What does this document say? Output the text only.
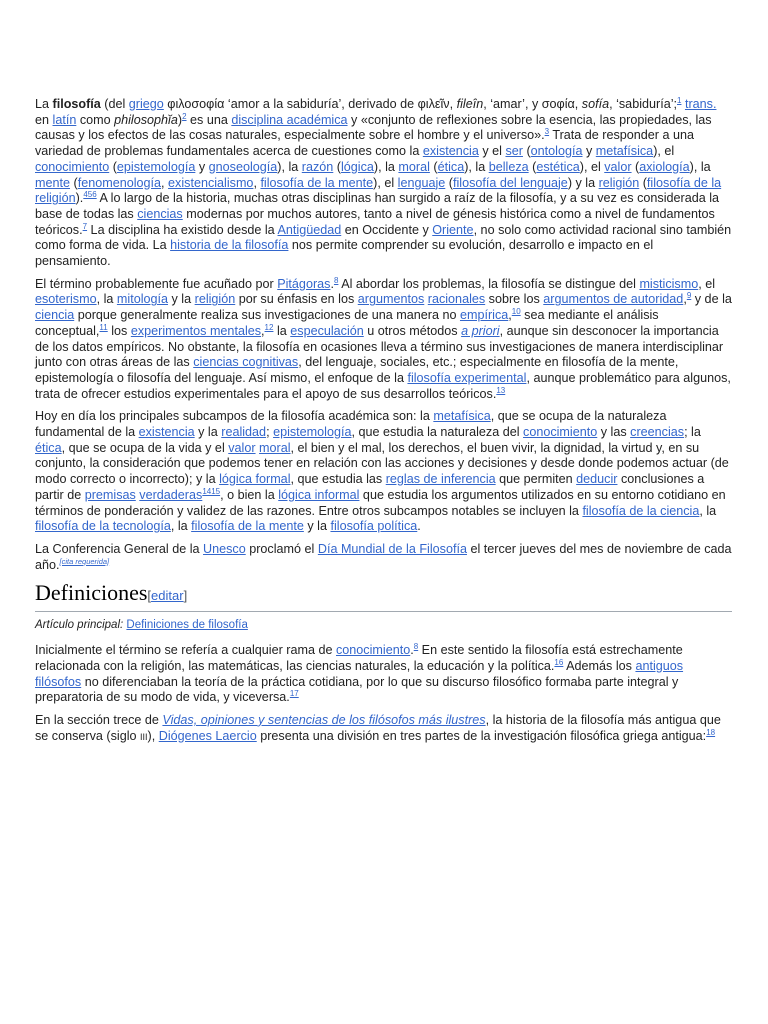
La filosofía (del griego φιλοσοφία ‘amor a la sabiduría’, derivado de φιλεῖν, fileîn, ‘amar’, y σοφία, sofía, ‘sabiduría’;$^1$ trans. en latín como philosophĭa)$^2$ es una disciplina académica y «conjunto de reflexiones sobre la esencia, las propiedades, las causas y los efectos de las cosas naturales, especialmente sobre el hombre y el universo».$^3$ Trata de responder a una variedad de problemas fundamentales acerca de cuestiones como la existencia y el ser (ontología y metafísica), el conocimiento (epistemología y gnoseología), la razón (lógica), la moral (ética), la belleza (estética), el valor (axiología), la mente (fenomenología, existencialismo, filosofía de la mente), el lenguaje (filosofía del lenguaje) y la religión (filosofía de la religión).$^{456}$ A lo largo de la historia, muchas otras disciplinas han surgido a raíz de la filosofía, y a su vez es considerada la base de todas las ciencias modernas por muchos autores, tanto a nivel de génesis histórica como a nivel de fundamentos teóricos.$^7$ La disciplina ha existido desde la Antigüedad en Occidente y Oriente, no solo como actividad racional sino también como forma de vida. La historia de la filosofía nos permite comprender su evolución, desarrollo e impacto en el pensamiento.

El término probablemente fue acuñado por Pitágoras.$^8$ Al abordar los problemas, la filosofía se distingue del misticismo, el esoterismo, la mitología y la religión por su énfasis en los argumentos racionales sobre los argumentos de autoridad,$^9$ y de la ciencia porque generalmente realiza sus investigaciones de una manera no empírica,$^{10}$ sea mediante el análisis conceptual,$^{11}$ los experimentos mentales,$^{12}$ la especulación u otros métodos a priori, aunque sin desconocer la importancia de los datos empíricos. No obstante, la filosofía en ocasiones lleva a término sus investigaciones de manera interdisciplinar junto con otras áreas de las ciencias cognitivas, del lenguaje, sociales, etc.; especialmente en filosofía de la mente, epistemología o filosofía del lenguaje. Así mismo, el enfoque de la filosofía experimental, aunque problemático para algunos, trata de ofrecer estudios experimentales para el apoyo de sus desarrollos teóricos.$^{13}$

Hoy en día los principales subcampos de la filosofía académica son: la metafísica, que se ocupa de la naturaleza fundamental de la existencia y la realidad; epistemología, que estudia la naturaleza del conocimiento y las creencias; la ética, que se ocupa de la vida y el valor moral, el bien y el mal, los derechos, el buen vivir, la dignidad, la virtud y, en su conjunto, la consideración que podemos tener en relación con las acciones y decisiones y desde donde podemos actuar (de modo correcto o incorrecto); y la lógica formal, que estudia las reglas de inferencia que permiten deducir conclusiones a partir de premisas verdaderas$^{1415}$, o bien la lógica informal que estudia los argumentos utilizados en su entorno cotidiano en términos de ponderación y validez de las razones. Entre otros subcampos notables se incluyen la filosofía de la ciencia, la filosofía de la tecnología, la filosofía de la mente y la filosofía política.

La Conferencia General de la Unesco proclamó el Día Mundial de la Filosofía el tercer jueves del mes de noviembre de cada año.[cita requerida]

Definiciones[editar]
Artículo principal: Definiciones de filosofía

Inicialmente el término se refería a cualquier rama de conocimiento.$^8$ En este sentido la filosofía está estrechamente relacionada con la religión, las matemáticas, las ciencias naturales, la educación y la política.$^{16}$ Además los antiguos filósofos no diferenciaban la teoría de la práctica cotidiana, por lo que su discurso filosófico formaba parte integral y preparatoria de su modo de vida, y viceversa.$^{17}$

En la sección trece de Vidas, opiniones y sentencias de los filósofos más ilustres, la historia de la filosofía más antigua que se conserva (siglo III), Diógenes Laercio presenta una división en tres partes de la investigación filosófica griega antigua:$^{18}$
